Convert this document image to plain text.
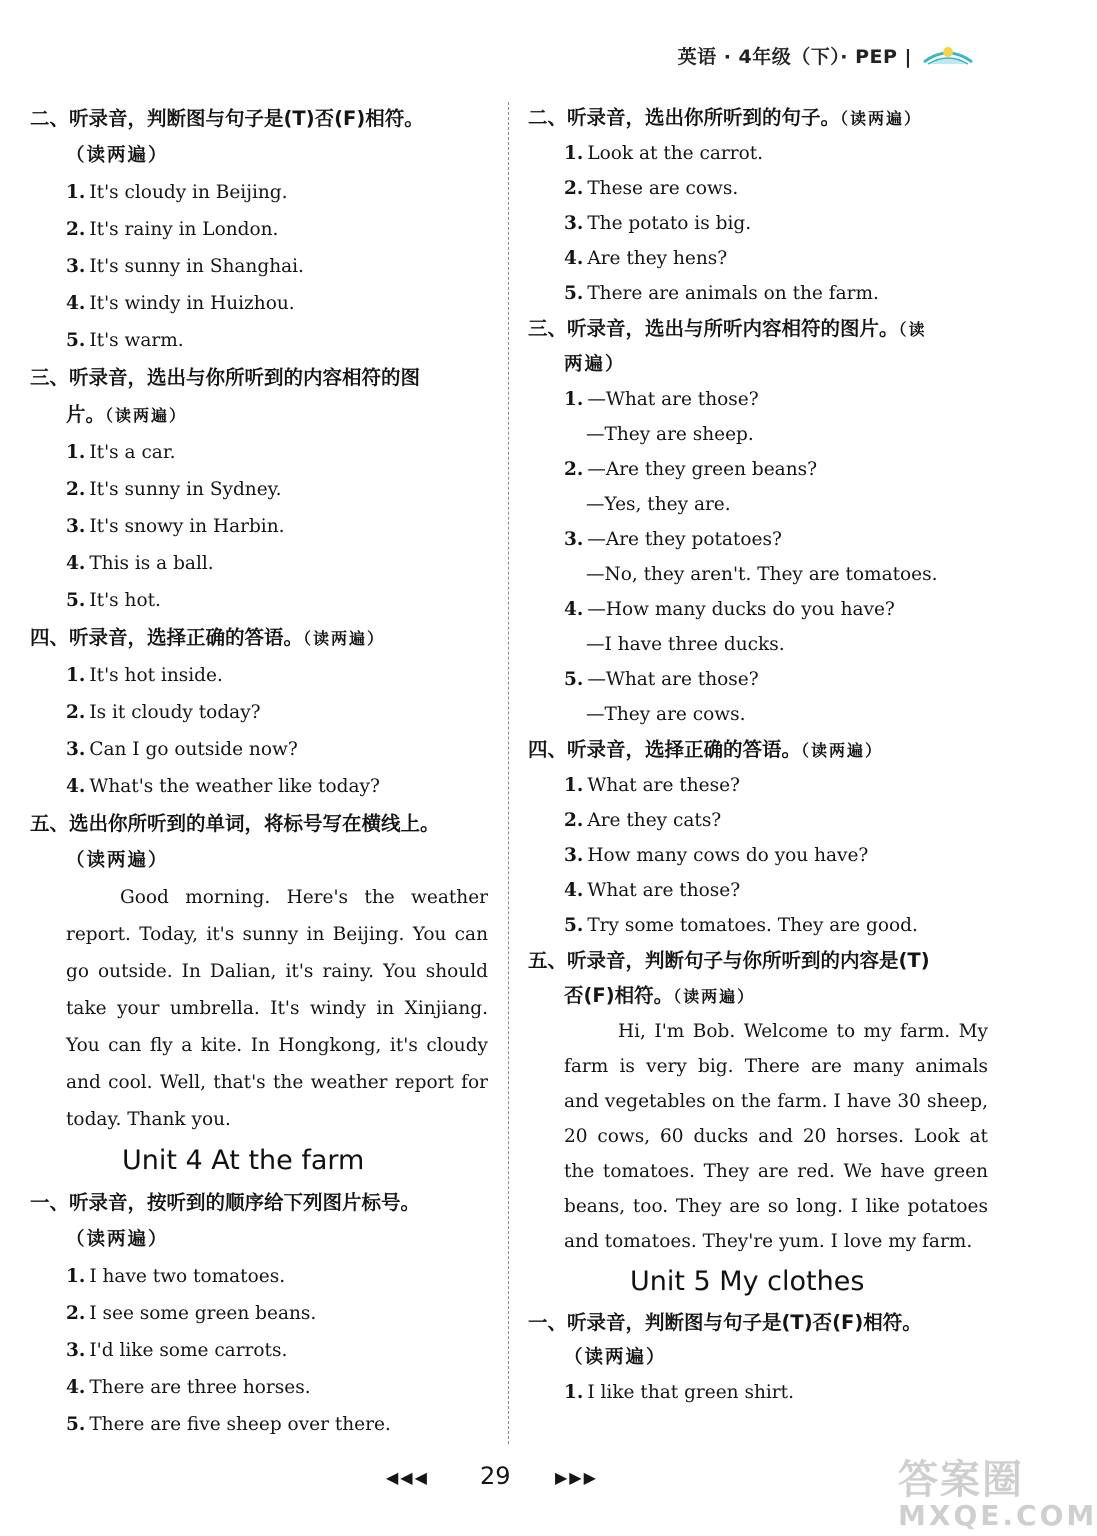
英语 · 4年级（下）· PEP |
二、听录音，判断图与句子是(T)否(F)相符。
（读两遍）
1. It's cloudy in Beijing.
2. It's rainy in London.
3. It's sunny in Shanghai.
4. It's windy in Huizhou.
5. It's warm.
三、听录音，选出与你所听到的内容相符的图
片。（读两遍）
1. It's a car.
2. It's sunny in Sydney.
3. It's snowy in Harbin.
4. This is a ball.
5. It's hot.
四、听录音，选择正确的答语。（读两遍）
1. It's hot inside.
2. Is it cloudy today?
3. Can I go outside now?
4. What's the weather like today?
五、选出你所听到的单词，将标号写在横线上。
（读两遍）
Good morning. Here's the weather report. Today, it's sunny in Beijing. You can go outside. In Dalian, it's rainy. You should take your umbrella. It's windy in Xinjiang. You can fly a kite. In Hongkong, it's cloudy and cool. Well, that's the weather report for today. Thank you.
Unit 4 At the farm
一、听录音，按听到的顺序给下列图片标号。
（读两遍）
1. I have two tomatoes.
2. I see some green beans.
3. I'd like some carrots.
4. There are three horses.
5. There are five sheep over there.
二、听录音，选出你所听到的句子。（读两遍）
1. Look at the carrot.
2. These are cows.
3. The potato is big.
4. Are they hens?
5. There are animals on the farm.
三、听录音，选出与所听内容相符的图片。（读
两遍）
1. —What are those?
—They are sheep.
2. —Are they green beans?
—Yes, they are.
3. —Are they potatoes?
—No, they aren't. They are tomatoes.
4. —How many ducks do you have?
—I have three ducks.
5. —What are those?
—They are cows.
四、听录音，选择正确的答语。（读两遍）
1. What are these?
2. Are they cats?
3. How many cows do you have?
4. What are those?
5. Try some tomatoes. They are good.
五、听录音，判断句子与你所听到的内容是(T)
否(F)相符。（读两遍）
Hi, I'm Bob. Welcome to my farm. My farm is very big. There are many animals and vegetables on the farm. I have 30 sheep, 20 cows, 60 ducks and 20 horses. Look at the tomatoes. They are red. We have green beans, too. They are so long. I like potatoes and tomatoes. They're yum. I love my farm.
Unit 5 My clothes
一、听录音，判断图与句子是(T)否(F)相符。
（读两遍）
1. I like that green shirt.
◀◀◀ 29	▶▶▶	答案圈
MXQE.COM
